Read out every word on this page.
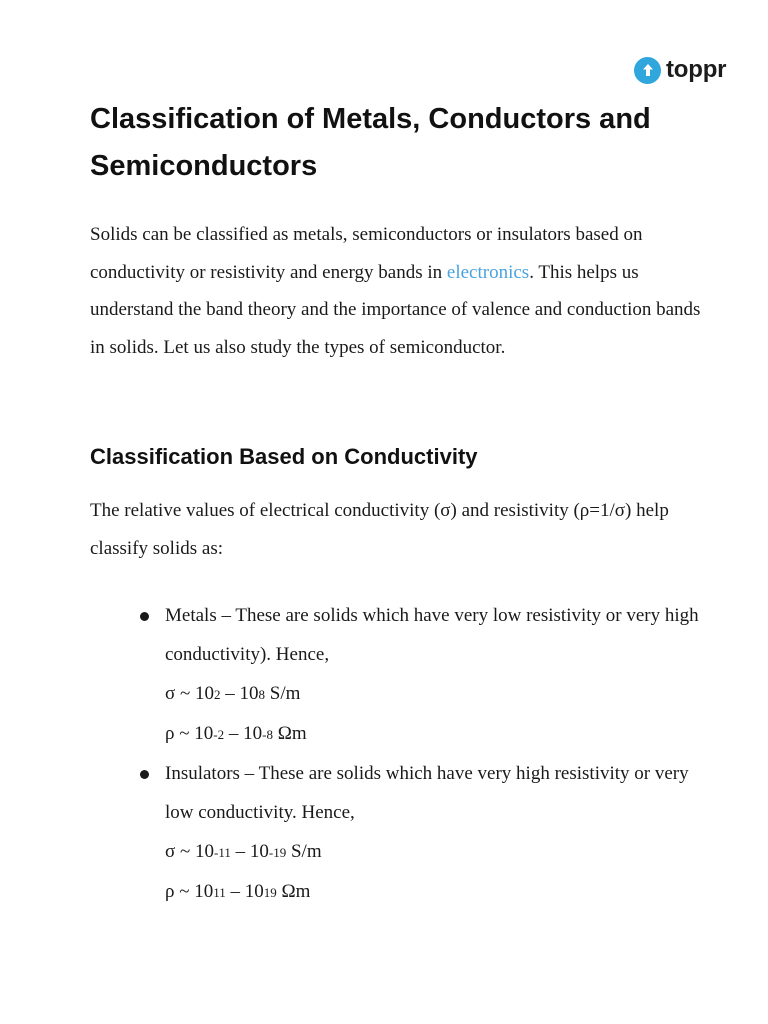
toppr
Classification of Metals, Conductors and Semiconductors

Solids can be classified as metals, semiconductors or insulators based on conductivity or resistivity and energy bands in electronics. This helps us understand the band theory and the importance of valence and conduction bands in solids. Let us also study the types of semiconductor.

Classification Based on Conductivity

The relative values of electrical conductivity (σ) and resistivity (ρ=1/σ) help classify solids as:

Metals – These are solids which have very low resistivity or very high conductivity). Hence,
σ ~ 102 – 108 S/m
ρ ~ 10-2 – 10-8 Ωm
Insulators – These are solids which have very high resistivity or very low conductivity. Hence,
σ ~ 10-11 – 10-19 S/m
ρ ~ 1011 – 1019 Ωm
